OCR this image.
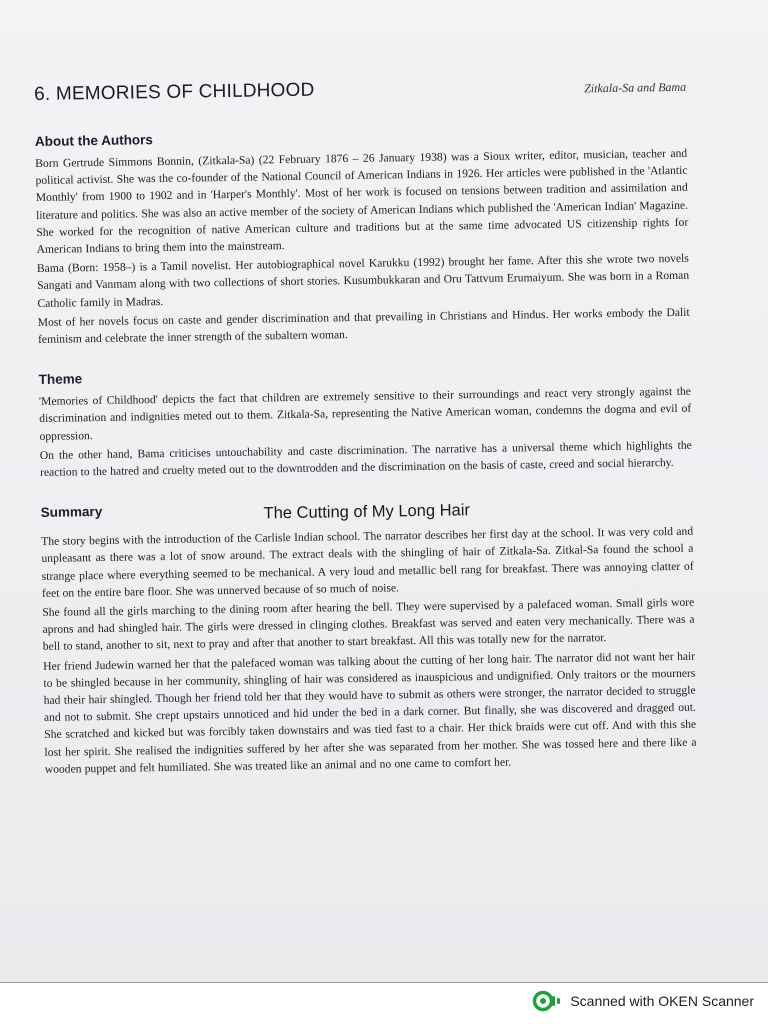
6. MEMORIES OF CHILDHOOD	Zitkala-Sa and Bama
About the Authors

Born Gertrude Simmons Bonnin, (Zitkala-Sa) (22 February 1876 – 26 January 1938) was a Sioux writer, editor, musician, teacher and political activist. She was the co-founder of the National Council of American Indians in 1926. Her articles were published in the 'Atlantic Monthly' from 1900 to 1902 and in 'Harper's Monthly'. Most of her work is focused on tensions between tradition and assimilation and literature and politics. She was also an active member of the society of American Indians which published the 'American Indian' Magazine. She worked for the recognition of native American culture and traditions but at the same time advocated US citizenship rights for American Indians to bring them into the mainstream.

Bama (Born: 1958–) is a Tamil novelist. Her autobiographical novel Karukku (1992) brought her fame. After this she wrote two novels Sangati and Vanmam along with two collections of short stories. Kusumbukkaran and Oru Tattvum Erumaiyum. She was born in a Roman Catholic family in Madras.

Most of her novels focus on caste and gender discrimination and that prevailing in Christians and Hindus. Her works embody the Dalit feminism and celebrate the inner strength of the subaltern woman.

Theme

'Memories of Childhood' depicts the fact that children are extremely sensitive to their surroundings and react very strongly against the discrimination and indignities meted out to them. Zitkala-Sa, representing the Native American woman, condemns the dogma and evil of oppression.

On the other hand, Bama criticises untouchability and caste discrimination. The narrative has a universal theme which highlights the reaction to the hatred and cruelty meted out to the downtrodden and the discrimination on the basis of caste, creed and social hierarchy.

Summary	The Cutting of My Long Hair

The story begins with the introduction of the Carlisle Indian school. The narrator describes her first day at the school. It was very cold and unpleasant as there was a lot of snow around. The extract deals with the shingling of hair of Zitkala-Sa. Zitkal-Sa found the school a strange place where everything seemed to be mechanical. A very loud and metallic bell rang for breakfast. There was annoying clatter of feet on the entire bare floor. She was unnerved because of so much of noise.

She found all the girls marching to the dining room after hearing the bell. They were supervised by a palefaced woman. Small girls wore aprons and had shingled hair. The girls were dressed in clinging clothes. Breakfast was served and eaten very mechanically. There was a bell to stand, another to sit, next to pray and after that another to start breakfast. All this was totally new for the narrator.

Her friend Judewin warned her that the palefaced woman was talking about the cutting of her long hair. The narrator did not want her hair to be shingled because in her community, shingling of hair was considered as inauspicious and undignified. Only traitors or the mourners had their hair shingled. Though her friend told her that they would have to submit as others were stronger, the narrator decided to struggle and not to submit. She crept upstairs unnoticed and hid under the bed in a dark corner. But finally, she was discovered and dragged out. She scratched and kicked but was forcibly taken downstairs and was tied fast to a chair. Her thick braids were cut off. And with this she lost her spirit. She realised the indignities suffered by her after she was separated from her mother. She was tossed here and there like a wooden puppet and felt humiliated. She was treated like an animal and no one came to comfort her.

Scanned with OKEN Scanner
